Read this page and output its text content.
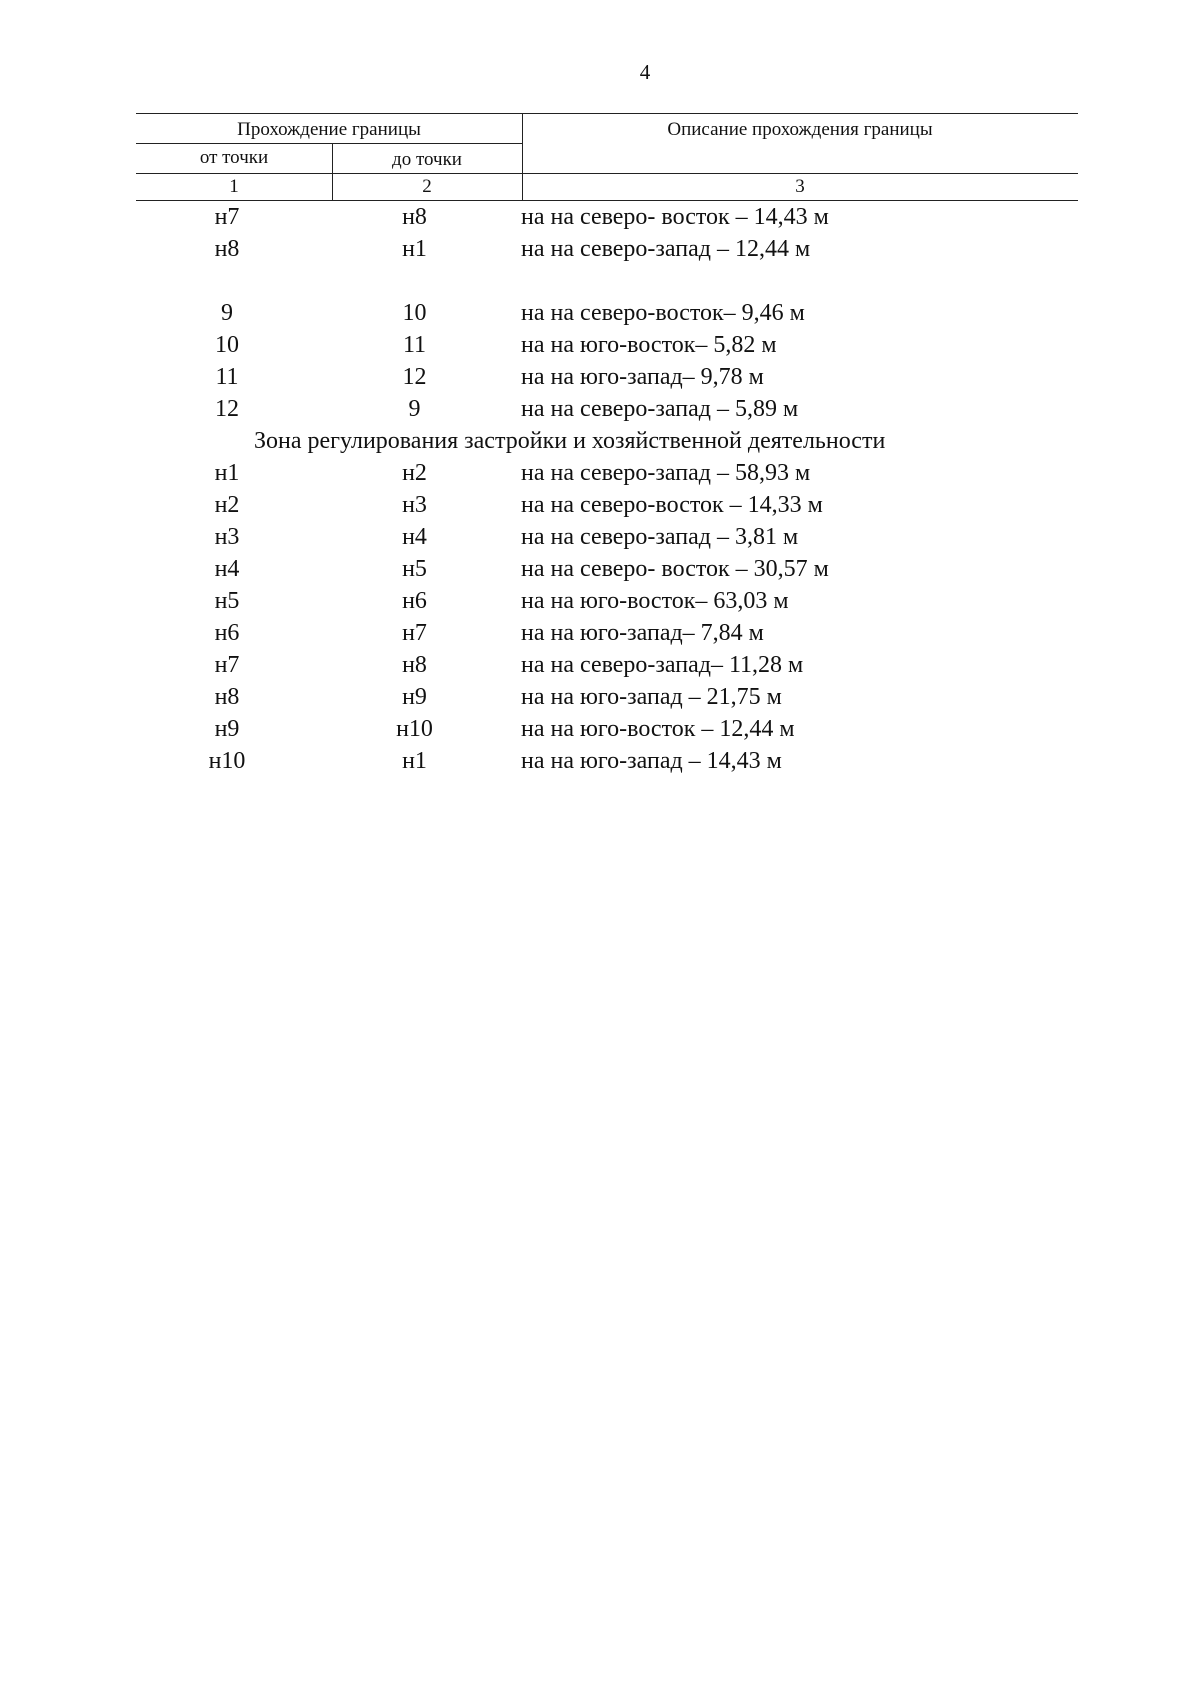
4
Прохождение границы
от точки	до точки
Описание прохождения границы
1	2	3
н7	н8	на на северо- восток – 14,43 м
н8	н1	на на северо-запад – 12,44 м
9	10	на на северо-восток– 9,46 м
10	11	на на юго-восток– 5,82 м
11	12	на на юго-запад– 9,78 м
12	9	на на северо-запад – 5,89 м
Зона регулирования застройки и хозяйственной деятельности
н1	н2	на на северо-запад – 58,93 м
н2	н3	на на северо-восток – 14,33 м
н3	н4	на на северо-запад – 3,81 м
н4	н5	на на северо- восток – 30,57 м
н5	н6	на на юго-восток– 63,03 м
н6	н7	на на юго-запад– 7,84 м
н7	н8	на на северо-запад– 11,28 м
н8	н9	на на юго-запад – 21,75 м
н9	н10	на на юго-восток – 12,44 м
н10	н1	на на юго-запад – 14,43 м
